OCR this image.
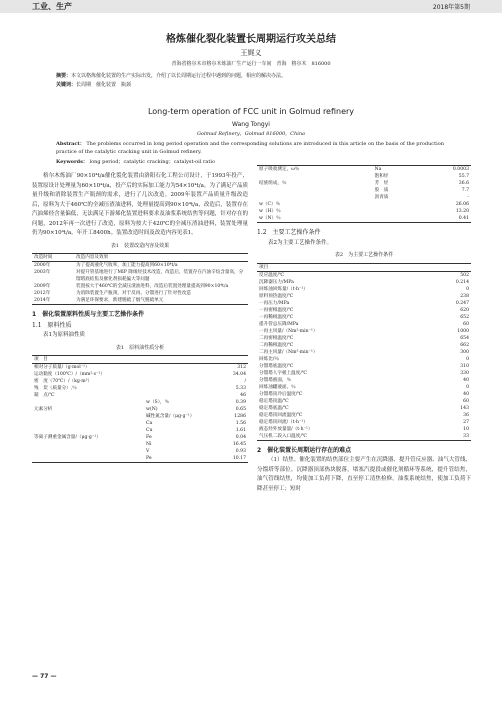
工业、生产	2018年第5期
格炼催化裂化装置长周期运行攻关总结
王娓义
青海省格尔木市格尔木炼油厂生产运行一车间　青海　格尔木　816000
摘要：本文以格炼催化装置的生产实际出发，介绍了以长周期运行过程中遇到的问题，相应的解决办法。
关键词：长周期　催化装置　瓶颈
Long-term operation of FCC unit in Golmud refinery
Wang Tongyi
Golmud Refinery，Golmud 816000，China
Abstract： The problems occurred in long period operation and the corresponding solutions are introduced in this article on the basis of the production practice of the catalytic cracking unit in Golmud refinery.
Keywords： long period；catalytic cracking；catalyst-oil ratio

格尔木炼油厂90×10⁴t/a催化裂化装置由洛阳石化工程公司设计，于1993年投产，装置原设计处理量为60×10⁴t/a，投产后的实际加工能力为54×10⁴t/a。为了满足产品质量升级和消除装置生产瓶颈的需求，进行了几次改造。2009年装置产品质量升级改造后，原料为大于460℃的全减压渣油进料，处理量提高到90×10⁴t/a，改造后，装置存在汽油烯烃含量偏低，无法满足下游烯化装置进料要求及油浆系统结焦等问题，针对存在的问题，2012年再一次进行了改造，原料为按大于420℃的全减压渣油进料，装置处理量仍为90×10⁴t/a，年开工8400h。装置改造时间及改造内容见表1。

表1　装置改造内容及效果
改造时间	改造内容及效果
2000年	为了提高液化气收率，加工能力提高到60×10⁴t/a
2003年	对提升管基地进行了MIP 降烯烃技术改造，改造后，装置存在汽油辛烷含量高，分馏塔底结焦及催化剂损耗偏大等问题
2009年	装置按大于460℃的全减压渣油进料，改造后装置处理量提高到90×10⁴t/a
2012年	为消除装置生产瓶颈，对于反再、分馏进行了针对性改造
2014年	为满足环保要求，新建脱硫了烟气脱硫单元
1　催化装置原料性质与主要工艺操作条件
1.1　原料性质

表1为原料油性质

表1　原料油性质分析
项　目		
相对分子质量/（g·mol⁻¹）		312
运动黏度（100℃）/（mm²·s⁻¹）		34.04
密　度（70℃）/（kg·m³）		/
残　炭（质量分）,％		5.33
凝　点/℃		46
	w（S），％	0.39
元素分析	w(N)	0.65
	碱性氮含量/（μg·g⁻¹）	1286
	Ca	1.56
	Cu	1.61
等离子测重金属含量/（μg·g⁻¹）	Fe	0.04
	Ni	16.45
	V	0.93
	Pe	10.17
原子吸收测定，ω％	Na	0.0003
	饱和烃	55.7
结族组成，％	芳　烃	36.6
	胶　质	7.7
	沥青质	-
w（C）％		26.06
w（H）％		13.20
w（N）％		0.41
1.2　主要工艺操作条件

表2为主要工艺操作条件。

表2　为主要工艺操作条件
项目	
反应温度/℃	502
沉降器压力/MPa	0.214
回炼油回炼量/（t·h⁻¹）	0
原料预热温度/℃	238
一再压力/MPa	0.247
一再密相温度/℃	620
一再稀相温度/℃	652
提升管总压降/MPa	60
一再主风量/（Nm³·min⁻¹）	1000
二再密相温度/℃	654
二再稀相温度/℃	662
二再主风量/（Nm³·min⁻¹）	300
回炼比/％	0
分馏塔底温度/℃	310
分馏塔人字板上温度/℃	330
分馏塔液面，％	40
回炼油罐液面，％	0
分馏塔顶冷后温度/℃	40
稳定塔顶温/℃	60
稳定塔底温/℃	143
稳定塔顶回流温度/℃	36
稳定塔顶回流/（t·h⁻¹）	27
液态烃外放量量/（t·h⁻¹）	10
气压机二段入口温度/℃	33
2　催化装置长周期运行存在的难点

（1）结焦。催化装置的结焦部位主要产生在沉降器、提升管反应器、油气大管线、分馏塔等部位。沉降器顶部热块脱落，堵塞汽提段或催化剂循环等系统，提升管结焦，油气管线结焦，均使加工负荷下降，直至停工清焦检修。油浆系统结焦，使加工负荷下降甚至停工；短时

— 77 —
